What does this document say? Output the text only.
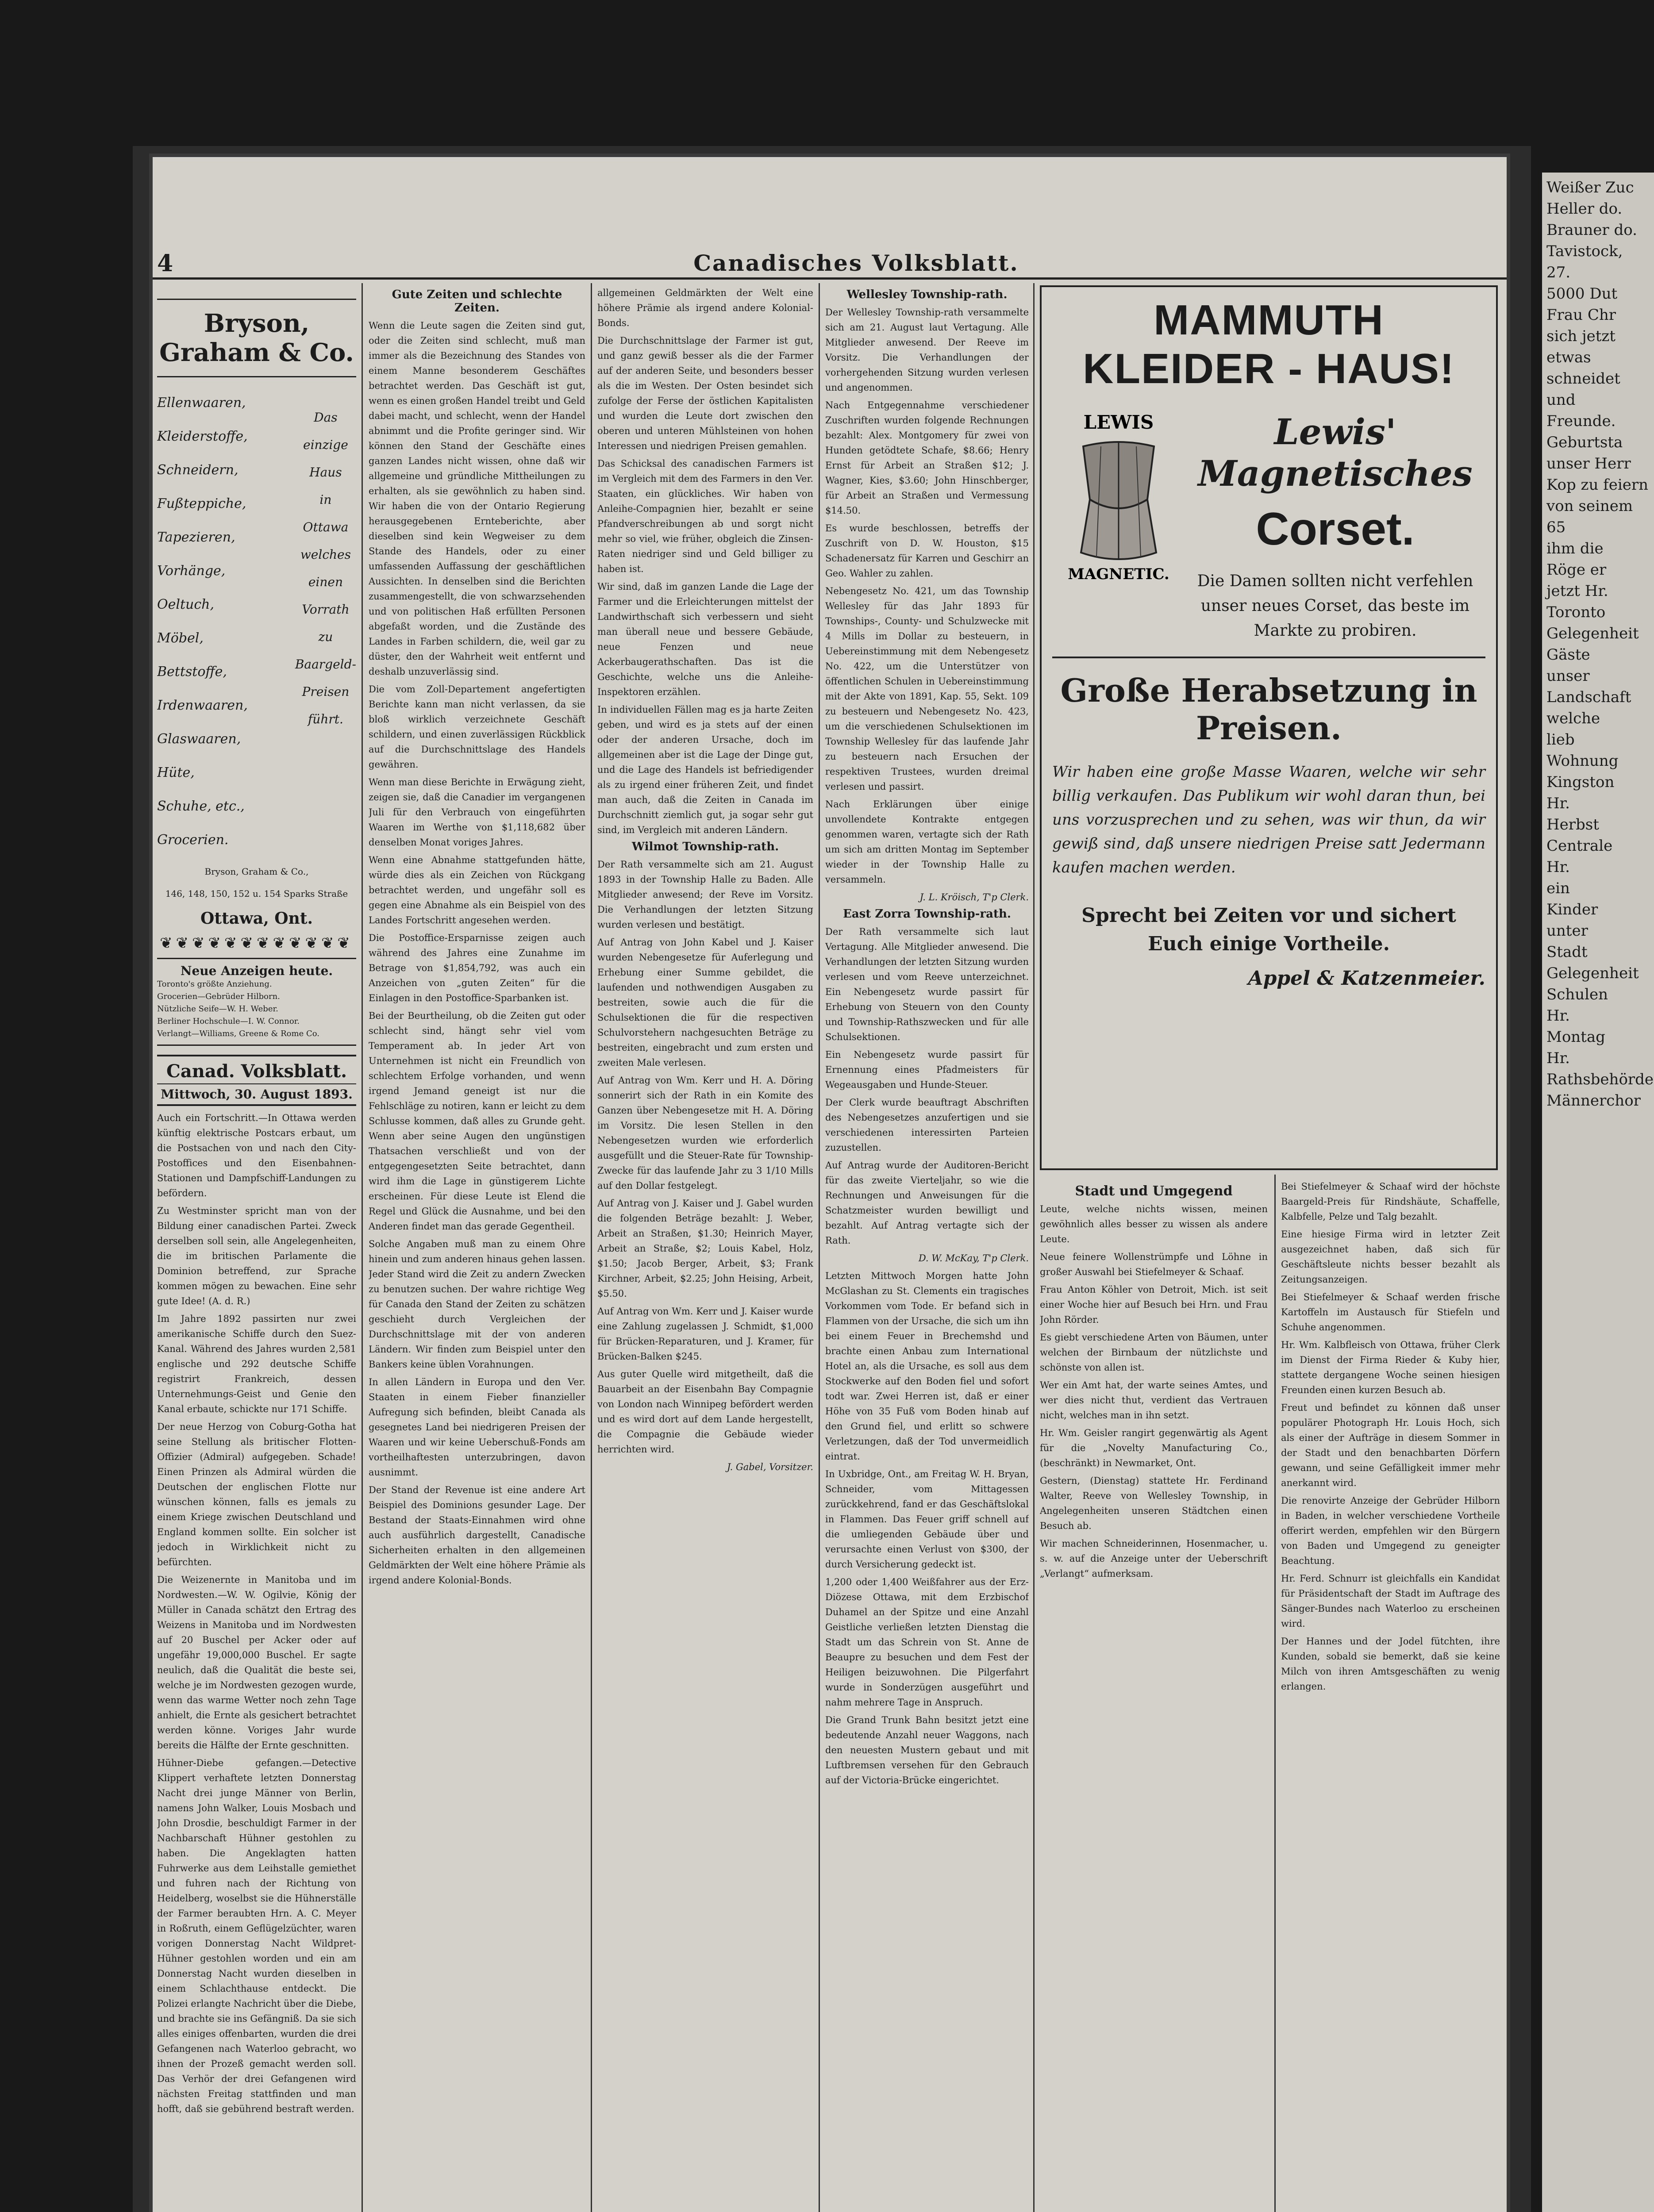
4	Canadisches Volksblatt.
Bryson, Graham & Co.
Ellenwaaren,
Kleiderstoffe,
Schneidern,
Fußteppiche,
Tapezieren,
Vorhänge,
Oeltuch,
Möbel,
Bettstoffe,
Irdenwaaren,
Glaswaaren,
Hüte,
Schuhe, etc.,
Grocerien.
Das
einzige
Haus
in
Ottawa
welches
einen
Vorrath
zu
Baargeld-
Preisen
führt.
Bryson, Graham & Co.,
146, 148, 150, 152 u. 154 Sparks Straße
Ottawa, Ont.
❦❦❦❦❦❦❦❦❦❦❦❦
Neue Anzeigen heute.
Toronto's größte Anziehung.
Grocerien—Gebrüder Hilborn.
Nützliche Seife—W. H. Weber.
Berliner Hochschule—I. W. Connor.
Verlangt—Williams, Greene & Rome Co.
Canad. Volksblatt.
Mittwoch, 30. August 1893.

Auch ein Fortschritt.—In Ottawa werden künftig elektrische Postcars erbaut, um die Postsachen von und nach den City-Postoffices und den Eisenbahnen-Stationen und Dampfschiff-Landungen zu befördern.

Zu Westminster spricht man von der Bildung einer canadischen Partei. Zweck derselben soll sein, alle Angelegenheiten, die im britischen Parlamente die Dominion betreffend, zur Sprache kommen mögen zu bewachen. Eine sehr gute Idee! (A. d. R.)

Im Jahre 1892 passirten nur zwei amerikanische Schiffe durch den Suez-Kanal. Während des Jahres wurden 2,581 englische und 292 deutsche Schiffe registrirt Frankreich, dessen Unternehmungs-Geist und Genie den Kanal erbaute, schickte nur 171 Schiffe.

Der neue Herzog von Coburg-Gotha hat seine Stellung als britischer Flotten-Offizier (Admiral) aufgegeben. Schade! Einen Prinzen als Admiral würden die Deutschen der englischen Flotte nur wünschen können, falls es jemals zu einem Kriege zwischen Deutschland und England kommen sollte. Ein solcher ist jedoch in Wirklichkeit nicht zu befürchten.

Die Weizenernte in Manitoba und im Nordwesten.—W. W. Ogilvie, König der Müller in Canada schätzt den Ertrag des Weizens in Manitoba und im Nordwesten auf 20 Buschel per Acker oder auf ungefähr 19,000,000 Buschel. Er sagte neulich, daß die Qualität die beste sei, welche je im Nordwesten gezogen wurde, wenn das warme Wetter noch zehn Tage anhielt, die Ernte als gesichert betrachtet werden könne. Voriges Jahr wurde bereits die Hälfte der Ernte geschnitten.

Hühner-Diebe gefangen.—Detective Klippert verhaftete letzten Donnerstag Nacht drei junge Männer von Berlin, namens John Walker, Louis Mosbach und John Drosdie, beschuldigt Farmer in der Nachbarschaft Hühner gestohlen zu haben. Die Angeklagten hatten Fuhrwerke aus dem Leihstalle gemiethet und fuhren nach der Richtung von Heidelberg, woselbst sie die Hühnerställe der Farmer beraubten Hrn. A. C. Meyer in Roßruth, einem Geflügelzüchter, waren vorigen Donnerstag Nacht Wildpret-Hühner gestohlen worden und ein am Donnerstag Nacht wurden dieselben in einem Schlachthause entdeckt. Die Polizei erlangte Nachricht über die Diebe, und brachte sie ins Gefängniß. Da sie sich alles einiges offenbarten, wurden die drei Gefangenen nach Waterloo gebracht, wo ihnen der Prozeß gemacht werden soll. Das Verhör der drei Gefangenen wird nächsten Freitag stattfinden und man hofft, daß sie gebührend bestraft werden.

Gute Zeiten und schlechte Zeiten.

Wenn die Leute sagen die Zeiten sind gut, oder die Zeiten sind schlecht, muß man immer als die Bezeichnung des Standes von einem Manne besonderem Geschäftes betrachtet werden. Das Geschäft ist gut, wenn es einen großen Handel treibt und Geld dabei macht, und schlecht, wenn der Handel abnimmt und die Profite geringer sind. Wir können den Stand der Geschäfte eines ganzen Landes nicht wissen, ohne daß wir allgemeine und gründliche Mittheilungen zu erhalten, als sie gewöhnlich zu haben sind. Wir haben die von der Ontario Regierung herausgegebenen Ernteberichte, aber dieselben sind kein Wegweiser zu dem Stande des Handels, oder zu einer umfassenden Auffassung der geschäftlichen Aussichten. In denselben sind die Berichten zusammengestellt, die von schwarzsehenden und von politischen Haß erfüllten Personen abgefaßt worden, und die Zustände des Landes in Farben schildern, die, weil gar zu düster, den der Wahrheit weit entfernt und deshalb unzuverlässig sind.

Die vom Zoll-Departement angefertigten Berichte kann man nicht verlassen, da sie bloß wirklich verzeichnete Geschäft schildern, und einen zuverlässigen Rückblick auf die Durchschnittslage des Handels gewähren.

Wenn man diese Berichte in Erwägung zieht, zeigen sie, daß die Canadier im vergangenen Juli für den Verbrauch von eingeführten Waaren im Werthe von $1,118,682 über denselben Monat voriges Jahres.

Wenn eine Abnahme stattgefunden hätte, würde dies als ein Zeichen von Rückgang betrachtet werden, und ungefähr soll es gegen eine Abnahme als ein Beispiel von des Landes Fortschritt angesehen werden.

Die Postoffice-Ersparnisse zeigen auch während des Jahres eine Zunahme im Betrage von $1,854,792, was auch ein Anzeichen von „guten Zeiten“ für die Einlagen in den Postoffice-Sparbanken ist.

Bei der Beurtheilung, ob die Zeiten gut oder schlecht sind, hängt sehr viel vom Temperament ab. In jeder Art von Unternehmen ist nicht ein Freundlich von schlechtem Erfolge vorhanden, und wenn irgend Jemand geneigt ist nur die Fehlschläge zu notiren, kann er leicht zu dem Schlusse kommen, daß alles zu Grunde geht. Wenn aber seine Augen den ungünstigen Thatsachen verschließt und von der entgegengesetzten Seite betrachtet, dann wird ihm die Lage in günstigerem Lichte erscheinen. Für diese Leute ist Elend die Regel und Glück die Ausnahme, und bei den Anderen findet man das gerade Gegentheil.

Solche Angaben muß man zu einem Ohre hinein und zum anderen hinaus gehen lassen. Jeder Stand wird die Zeit zu andern Zwecken zu benutzen suchen. Der wahre richtige Weg für Canada den Stand der Zeiten zu schätzen geschieht durch Vergleichen der Durchschnittslage mit der von anderen Ländern. Wir finden zum Beispiel unter den Bankers keine üblen Vorahnungen.

In allen Ländern in Europa und den Ver. Staaten in einem Fieber finanzieller Aufregung sich befinden, bleibt Canada als gesegnetes Land bei niedrigeren Preisen der Waaren und wir keine Ueberschuß-Fonds am vortheilhaftesten unterzubringen, davon ausnimmt.

Der Stand der Revenue ist eine andere Art Beispiel des Dominions gesunder Lage. Der Bestand der Staats-Einnahmen wird ohne auch ausführlich dargestellt, Canadische Sicherheiten erhalten in den allgemeinen Geldmärkten der Welt eine höhere Prämie als irgend andere Kolonial-Bonds.

allgemeinen Geldmärkten der Welt eine höhere Prämie als irgend andere Kolonial-Bonds.

Die Durchschnittslage der Farmer ist gut, und ganz gewiß besser als die der Farmer auf der anderen Seite, und besonders besser als die im Westen. Der Osten besindet sich zufolge der Ferse der östlichen Kapitalisten und wurden die Leute dort zwischen den oberen und unteren Mühlsteinen von hohen Interessen und niedrigen Preisen gemahlen.

Das Schicksal des canadischen Farmers ist im Vergleich mit dem des Farmers in den Ver. Staaten, ein glückliches. Wir haben von Anleihe-Compagnien hier, bezahlt er seine Pfandverschreibungen ab und sorgt nicht mehr so viel, wie früher, obgleich die Zinsen-Raten niedriger sind und Geld billiger zu haben ist.

Wir sind, daß im ganzen Lande die Lage der Farmer und die Erleichterungen mittelst der Landwirthschaft sich verbessern und sieht man überall neue und bessere Gebäude, neue Fenzen und neue Ackerbaugerathschaften. Das ist die Geschichte, welche uns die Anleihe-Inspektoren erzählen.

In individuellen Fällen mag es ja harte Zeiten geben, und wird es ja stets auf der einen oder der anderen Ursache, doch im allgemeinen aber ist die Lage der Dinge gut, und die Lage des Handels ist befriedigender als zu irgend einer früheren Zeit, und findet man auch, daß die Zeiten in Canada im Durchschnitt ziemlich gut, ja sogar sehr gut sind, im Vergleich mit anderen Ländern.

Wilmot Township-rath.

Der Rath versammelte sich am 21. August 1893 in der Township Halle zu Baden. Alle Mitglieder anwesend; der Reve im Vorsitz. Die Verhandlungen der letzten Sitzung wurden verlesen und bestätigt.

Auf Antrag von John Kabel und J. Kaiser wurden Nebengesetze für Auferlegung und Erhebung einer Summe gebildet, die laufenden und nothwendigen Ausgaben zu bestreiten, sowie auch die für die Schulsektionen die für die respectiven Schulvorstehern nachgesuchten Beträge zu bestreiten, eingebracht und zum ersten und zweiten Male verlesen.

Auf Antrag von Wm. Kerr und H. A. Döring sonnerirt sich der Rath in ein Komite des Ganzen über Nebengesetze mit H. A. Döring im Vorsitz. Die lesen Stellen in den Nebengesetzen wurden wie erforderlich ausgefüllt und die Steuer-Rate für Township-Zwecke für das laufende Jahr zu 3 1/10 Mills auf den Dollar festgelegt.

Auf Antrag von J. Kaiser und J. Gabel wurden die folgenden Beträge bezahlt: J. Weber, Arbeit an Straßen, $1.30; Heinrich Mayer, Arbeit an Straße, $2; Louis Kabel, Holz, $1.50; Jacob Berger, Arbeit, $3; Frank Kirchner, Arbeit, $2.25; John Heising, Arbeit, $5.50.

Auf Antrag von Wm. Kerr und J. Kaiser wurde eine Zahlung zugelassen J. Schmidt, $1,000 für Brücken-Reparaturen, und J. Kramer, für Brücken-Balken $245.

Aus guter Quelle wird mitgetheilt, daß die Bauarbeit an der Eisenbahn Bay Compagnie von London nach Winnipeg befördert werden und es wird dort auf dem Lande hergestellt, die Compagnie die Gebäude wieder herrichten wird.

J. Gabel, Vorsitzer.

Wellesley Township-rath.

Der Wellesley Township-rath versammelte sich am 21. August laut Vertagung. Alle Mitglieder anwesend. Der Reeve im Vorsitz. Die Verhandlungen der vorhergehenden Sitzung wurden verlesen und angenommen.

Nach Entgegennahme verschiedener Zuschriften wurden folgende Rechnungen bezahlt: Alex. Montgomery für zwei von Hunden getödtete Schafe, $8.66; Henry Ernst für Arbeit an Straßen $12; J. Wagner, Kies, $3.60; John Hinschberger, für Arbeit an Straßen und Vermessung $14.50.

Es wurde beschlossen, betreffs der Zuschrift von D. W. Houston, $15 Schadenersatz für Karren und Geschirr an Geo. Wahler zu zahlen.

Nebengesetz No. 421, um das Township Wellesley für das Jahr 1893 für Townships-, County- und Schulzwecke mit 4 Mills im Dollar zu besteuern, in Uebereinstimmung mit dem Nebengesetz No. 422, um die Unterstützer von öffentlichen Schulen in Uebereinstimmung mit der Akte von 1891, Kap. 55, Sekt. 109 zu besteuern und Nebengesetz No. 423, um die verschiedenen Schulsektionen im Township Wellesley für das laufende Jahr zu besteuern nach Ersuchen der respektiven Trustees, wurden dreimal verlesen und passirt.

Nach Erklärungen über einige unvollendete Kontrakte entgegen genommen waren, vertagte sich der Rath um sich am dritten Montag im September wieder in der Township Halle zu versammeln.

J. L. Kröisch, T'p Clerk.

East Zorra Township-rath.

Der Rath versammelte sich laut Vertagung. Alle Mitglieder anwesend. Die Verhandlungen der letzten Sitzung wurden verlesen und vom Reeve unterzeichnet. Ein Nebengesetz wurde passirt für Erhebung von Steuern von den County und Township-Rathszwecken und für alle Schulsektionen.

Ein Nebengesetz wurde passirt für Ernennung eines Pfadmeisters für Wegeausgaben und Hunde-Steuer.

Der Clerk wurde beauftragt Abschriften des Nebengesetzes anzufertigen und sie verschiedenen interessirten Parteien zuzustellen.

Auf Antrag wurde der Auditoren-Bericht für das zweite Vierteljahr, so wie die Rechnungen und Anweisungen für die Schatzmeister wurden bewilligt und bezahlt. Auf Antrag vertagte sich der Rath.

D. W. McKay, T'p Clerk.

Letzten Mittwoch Morgen hatte John McGlashan zu St. Clements ein tragisches Vorkommen vom Tode. Er befand sich in Flammen von der Ursache, die sich um ihn bei einem Feuer in Brechemshd und brachte einen Anbau zum International Hotel an, als die Ursache, es soll aus dem Stockwerke auf den Boden fiel und sofort todt war. Zwei Herren ist, daß er einer Höhe von 35 Fuß vom Boden hinab auf den Grund fiel, und erlitt so schwere Verletzungen, daß der Tod unvermeidlich eintrat.

In Uxbridge, Ont., am Freitag W. H. Bryan, Schneider, vom Mittagessen zurückkehrend, fand er das Geschäftslokal in Flammen. Das Feuer griff schnell auf die umliegenden Gebäude über und verursachte einen Verlust von $300, der durch Versicherung gedeckt ist.

1,200 oder 1,400 Weißfahrer aus der Erz-Diözese Ottawa, mit dem Erzbischof Duhamel an der Spitze und eine Anzahl Geistliche verließen letzten Dienstag die Stadt um das Schrein von St. Anne de Beaupre zu besuchen und dem Fest der Heiligen beizuwohnen. Die Pilgerfahrt wurde in Sonderzügen ausgeführt und nahm mehrere Tage in Anspruch.

Die Grand Trunk Bahn besitzt jetzt eine bedeutende Anzahl neuer Waggons, nach den neuesten Mustern gebaut und mit Luftbremsen versehen für den Gebrauch auf der Victoria-Brücke eingerichtet.

MAMMUTH KLEIDER - HAUS!
LEWIS
MAGNETIC.
Lewis' Magnetisches
Corset.
Die Damen sollten nicht verfehlen unser neues Corset, das beste im Markte zu probiren.
Große Herabsetzung in Preisen.
Wir haben eine große Masse Waaren, welche wir sehr billig verkaufen. Das Publikum wir wohl daran thun, bei uns vorzusprechen und zu sehen, was wir thun, da wir gewiß sind, daß unsere niedrigen Preise satt Jedermann kaufen machen werden.
Sprecht bei Zeiten vor und sichert Euch einige Vortheile.
Appel & Katzenmeier.
Stadt und Umgegend

Leute, welche nichts wissen, meinen gewöhnlich alles besser zu wissen als andere Leute.

Neue feinere Wollenstrümpfe und Löhne in großer Auswahl bei Stiefelmeyer & Schaaf.

Frau Anton Köhler von Detroit, Mich. ist seit einer Woche hier auf Besuch bei Hrn. und Frau John Rörder.

Es giebt verschiedene Arten von Bäumen, unter welchen der Birnbaum der nützlichste und schönste von allen ist.

Wer ein Amt hat, der warte seines Amtes, und wer dies nicht thut, verdient das Vertrauen nicht, welches man in ihn setzt.

Hr. Wm. Geisler rangirt gegenwärtig als Agent für die „Novelty Manufacturing Co., (beschränkt) in Newmarket, Ont.

Gestern, (Dienstag) stattete Hr. Ferdinand Walter, Reeve von Wellesley Township, in Angelegenheiten unseren Städtchen einen Besuch ab.

Wir machen Schneiderinnen, Hosenmacher, u. s. w. auf die Anzeige unter der Ueberschrift „Verlangt“ aufmerksam.

Bei Stiefelmeyer & Schaaf wird der höchste Baargeld-Preis für Rindshäute, Schaffelle, Kalbfelle, Pelze und Talg bezahlt.

Eine hiesige Firma wird in letzter Zeit ausgezeichnet haben, daß sich für Geschäftsleute nichts besser bezahlt als Zeitungsanzeigen.

Bei Stiefelmeyer & Schaaf werden frische Kartoffeln im Austausch für Stiefeln und Schuhe angenommen.

Hr. Wm. Kalbfleisch von Ottawa, früher Clerk im Dienst der Firma Rieder & Kuby hier, stattete dergangene Woche seinen hiesigen Freunden einen kurzen Besuch ab.

Freut und befindet zu können daß unser populärer Photograph Hr. Louis Hoch, sich als einer der Aufträge in diesem Sommer in der Stadt und den benachbarten Dörfern gewann, und seine Gefälligkeit immer mehr anerkannt wird.

Die renovirte Anzeige der Gebrüder Hilborn in Baden, in welcher verschiedene Vortheile offerirt werden, empfehlen wir den Bürgern von Baden und Umgegend zu geneigter Beachtung.

Hr. Ferd. Schnurr ist gleichfalls ein Kandidat für Präsidentschaft der Stadt im Auftrage des Sänger-Bundes nach Waterloo zu erscheinen wird.

Der Hannes und der Jodel fütchten, ihre Kunden, sobald sie bemerkt, daß sie keine Milch von ihren Amtsgeschäften zu wenig erlangen.

Weißer Zuc
Heller do.
Brauner do.
Tavistock, 27.
5000 Dut
Frau Chr
sich jetzt etwas
schneidet und
Freunde.
Geburtsta
unser Herr
Kop zu feiern
von seinem 65
ihm die
Röge er
jetzt Hr.
Toronto
Gelegenheit
Gäste
unser
Landschaft
welche
lieb
Wohnung
Kingston
Hr.
Herbst
Centrale
Hr.
ein
Kinder
unter
Stadt
Gelegenheit
Schulen
Hr.
Montag
Hr.
Rathsbehörde
Männerchor
